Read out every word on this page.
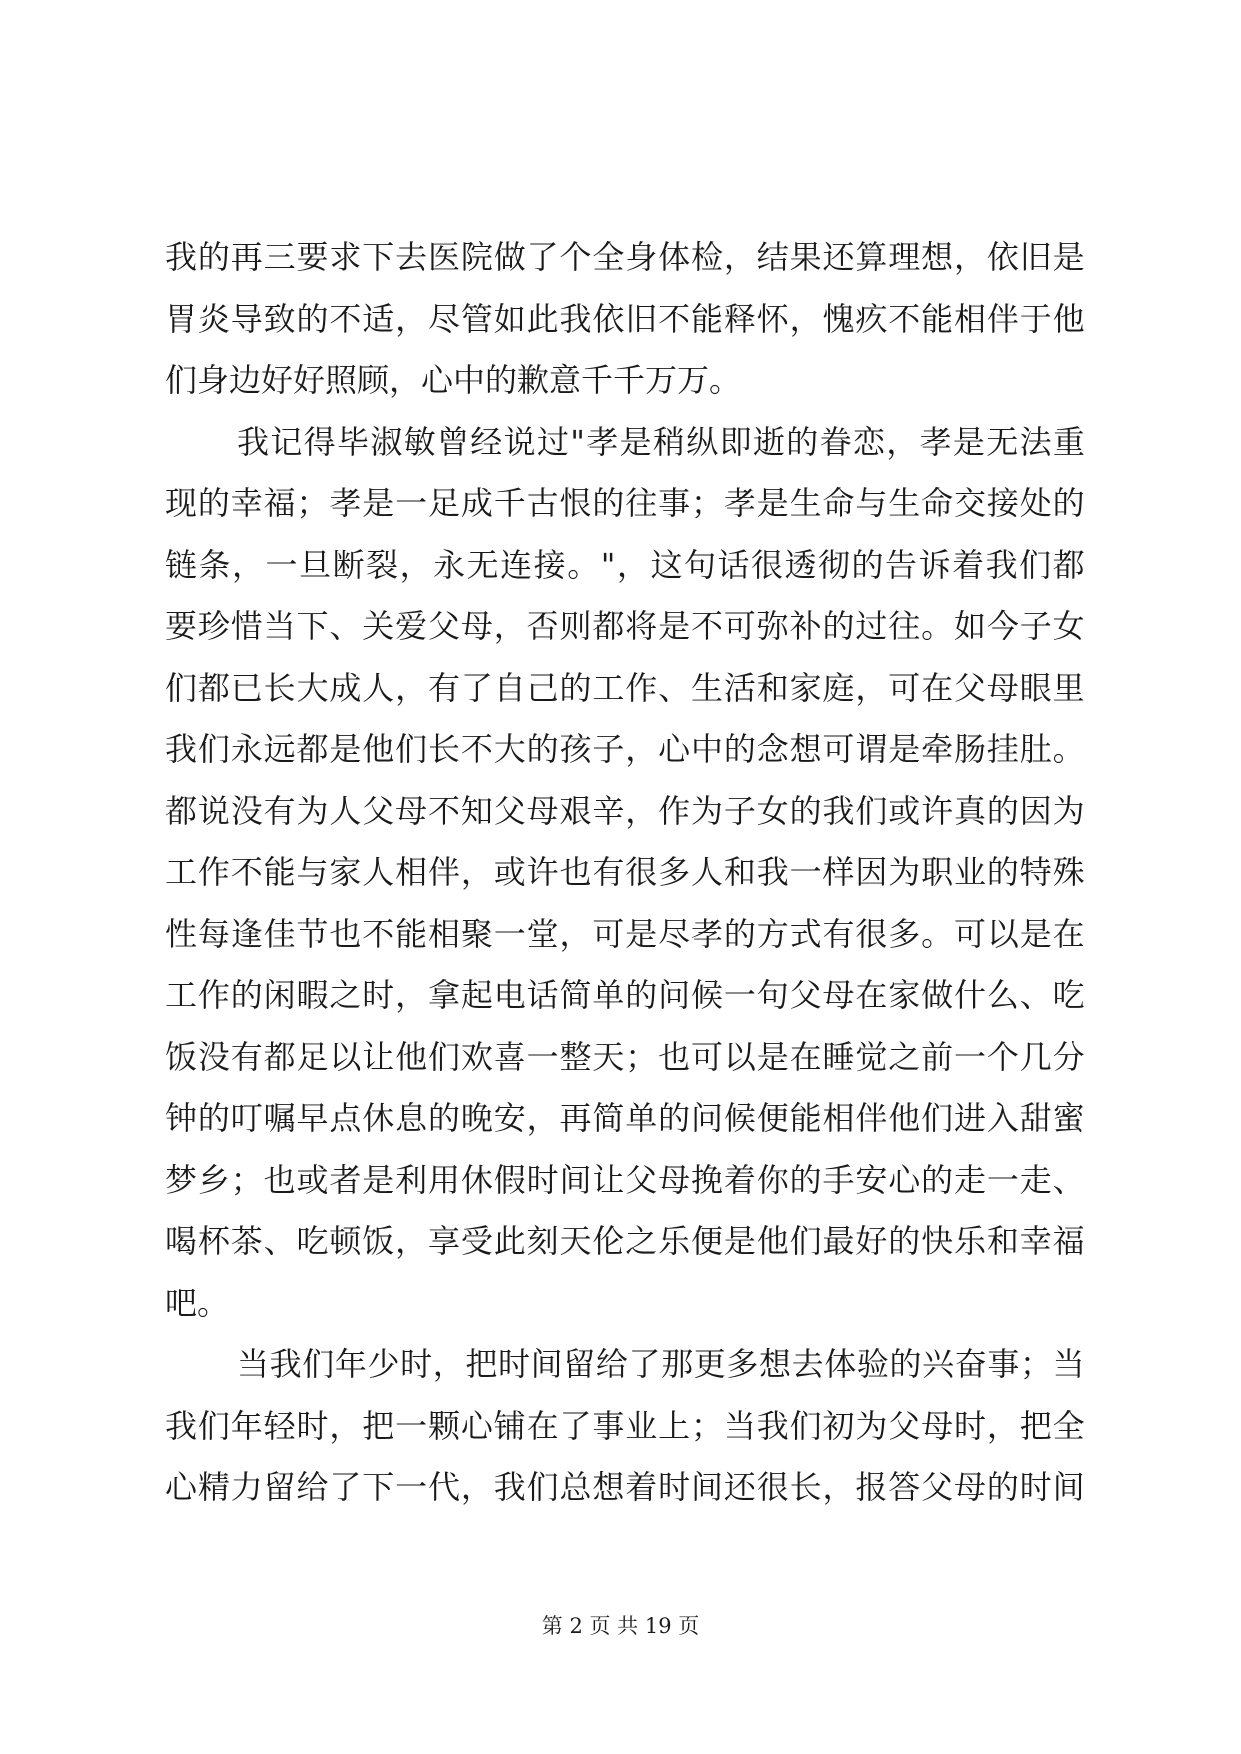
我 的 再 三 要 求 下 去 医 院 做 了 个 全 身 体 检 ， 结 果 还 算 理 想 ， 依 旧 是
胃 炎 导 致 的 不 适 ， 尽 管 如 此 我 依 旧 不 能 释 怀 ， 愧 疚 不 能 相 伴 于 他
们身边好好照顾，心中的歉意千千万万。
我 记 得 毕 淑 敏 曾 经 说 过 " 孝 是 稍 纵 即 逝 的 眷 恋 ， 孝 是 无 法 重
现 的 幸 福 ； 孝 是 一 足 成 千 古 恨 的 往 事 ； 孝 是 生 命 与 生 命 交 接 处 的
链 条 ， 一 旦 断 裂 ， 永 无 连 接 。 " ， 这 句 话 很 透 彻 的 告 诉 着 我 们 都
要 珍 惜 当 下 、 关 爱 父 母 ， 否 则 都 将 是 不 可 弥 补 的 过 往 。 如 今 子 女
们 都 已 长 大 成 人 ， 有 了 自 己 的 工 作 、 生 活 和 家 庭 ， 可 在 父 母 眼 里
我 们 永 远 都 是 他 们 长 不 大 的 孩 子 ， 心 中 的 念 想 可 谓 是 牵 肠 挂 肚 。
都 说 没 有 为 人 父 母 不 知 父 母 艰 辛 ， 作 为 子 女 的 我 们 或 许 真 的 因 为
工 作 不 能 与 家 人 相 伴 ， 或 许 也 有 很 多 人 和 我 一 样 因 为 职 业 的 特 殊
性 每 逢 佳 节 也 不 能 相 聚 一 堂 ， 可 是 尽 孝 的 方 式 有 很 多 。 可 以 是 在
工 作 的 闲 暇 之 时 ， 拿 起 电 话 简 单 的 问 候 一 句 父 母 在 家 做 什 么 、 吃
饭 没 有 都 足 以 让 他 们 欢 喜 一 整 天 ； 也 可 以 是 在 睡 觉 之 前 一 个 几 分
钟 的 叮 嘱 早 点 休 息 的 晚 安 ， 再 简 单 的 问 候 便 能 相 伴 他 们 进 入 甜 蜜
梦 乡 ； 也 或 者 是 利 用 休 假 时 间 让 父 母 挽 着 你 的 手 安 心 的 走 一 走 、
喝 杯 茶 、 吃 顿 饭 ， 享 受 此 刻 天 伦 之 乐 便 是 他 们 最 好 的 快 乐 和 幸 福
吧。
当 我 们 年 少 时 ， 把 时 间 留 给 了 那 更 多 想 去 体 验 的 兴 奋 事 ； 当
我 们 年 轻 时 ， 把 一 颗 心 铺 在 了 事 业 上 ； 当 我 们 初 为 父 母 时 ， 把 全
心 精 力 留 给 了 下 一 代 ， 我 们 总 想 着 时 间 还 很 长 ， 报 答 父 母 的 时 间
第 2 页 共 19 页
